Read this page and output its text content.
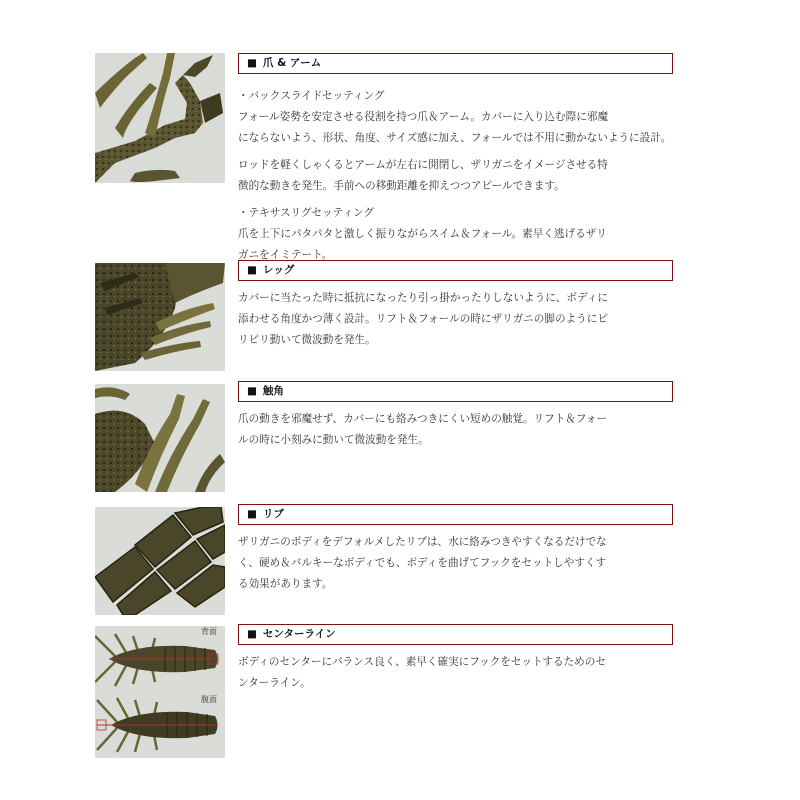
■ 爪 & アーム
・バックスライドセッティング
フォール姿勢を安定させる役割を持つ爪＆アーム。カバーに入り込む際に邪魔
にならないよう、形状、角度、サイズ感に加え、フォールでは不用に動かないように設計。
ロッドを軽くしゃくるとアームが左右に開閉し、ザリガニをイメージさせる特
徴的な動きを発生。手前への移動距離を抑えつつアピールできます。
・テキサスリグセッティング
爪を上下にパタパタと激しく振りながらスイム＆フォール。素早く逃げるザリ
ガニをイミテート。
■ レッグ
カバーに当たった時に抵抗になったり引っ掛かったりしないように、ボディに
添わせる角度かつ薄く設計。リフト＆フォールの時にザリガニの脚のようにピ
リピリ動いて微波動を発生。
■ 触角
爪の動きを邪魔せず、カバーにも絡みつきにくい短めの触覚。リフト＆フォー
ルの時に小刻みに動いて微波動を発生。
■ リブ
ザリガニのボディをデフォルメしたリブは、水に絡みつきやすくなるだけでな
く、硬め＆バルキーなボディでも、ボディを曲げてフックをセットしやすくす
る効果があります。
背面
腹面
■ センターライン
ボディのセンターにバランス良く、素早く確実にフックをセットするためのセ
ンターライン。
